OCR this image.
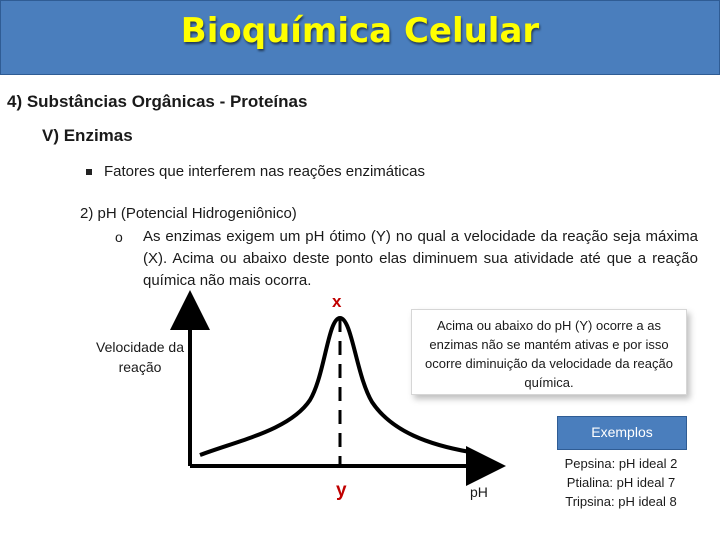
Bioquímica Celular
4) Substâncias Orgânicas - Proteínas
V) Enzimas
Fatores que interferem nas reações enzimáticas
2) pH (Potencial Hidrogeniônico)
o As enzimas exigem um pH ótimo (Y) no qual a velocidade da reação seja máxima (X). Acima ou abaixo deste ponto elas diminuem sua atividade até que a reação química não mais ocorra.
Velocidade da reação
x
y	pH
Acima ou abaixo do pH (Y) ocorre a as enzimas não se mantém ativas e por isso ocorre diminuição da velocidade da reação química.
Exemplos
Pepsina: pH ideal 2
Ptialina: pH ideal 7
Tripsina: pH ideal 8
